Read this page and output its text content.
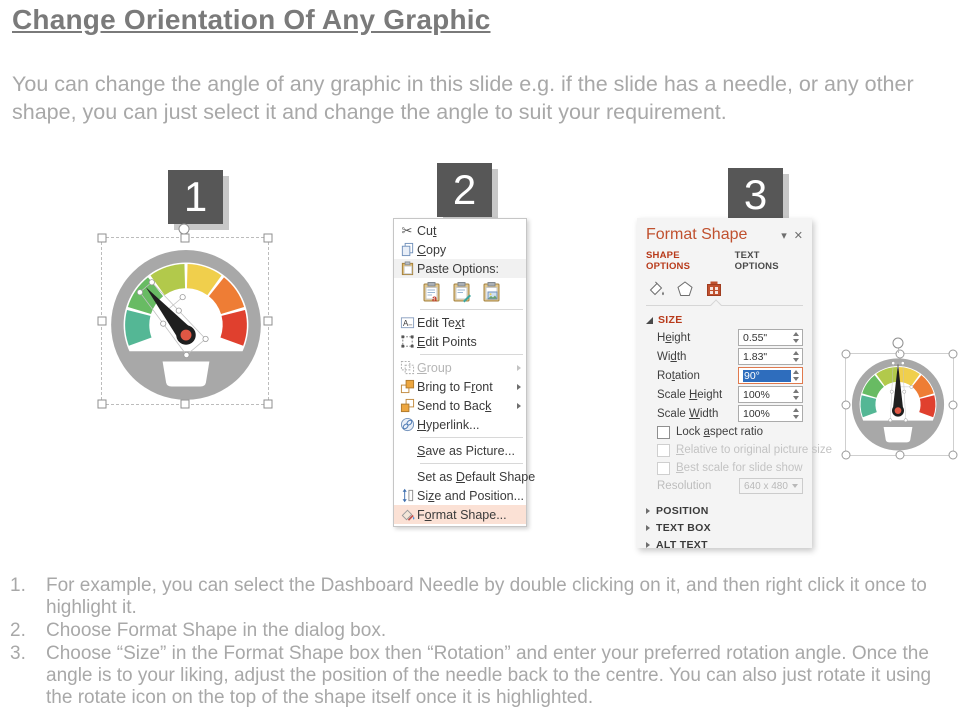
Change Orientation Of Any Graphic
You can change the angle of any graphic in this slide e.g. if the slide has a needle, or any other shape, you can just select it and change the angle to suit your requirement.
1	2	3
✂ Cut
Copy
Paste Options:
a
A Edit Text
Edit Points
Group
Bring to Front
Send to Back
Hyperlink...
Save as Picture...
Set as Default Shape
Size and Position...
Format Shape...
Format Shape	▾ ✕
SHAPE OPTIONS
TEXT OPTIONS
SIZE
Height	0.55"
Width	1.83"
Rotation	90°
Scale Height	100%
Scale Width	100%
Lock aspect ratio
Relative to original picture size
Best scale for slide show
Resolution	640 x 480
POSITION
TEXT BOX
ALT TEXT
1.	For example, you can select the Dashboard Needle by double clicking on it, and then right click it once to highlight it.
2.	Choose Format Shape in the dialog box.
3.	Choose “Size” in the Format Shape box then “Rotation” and enter your preferred rotation angle. Once the angle is to your liking, adjust the position of the needle back to the centre. You can also just rotate it using the rotate icon on the top of the shape itself once it is highlighted.
